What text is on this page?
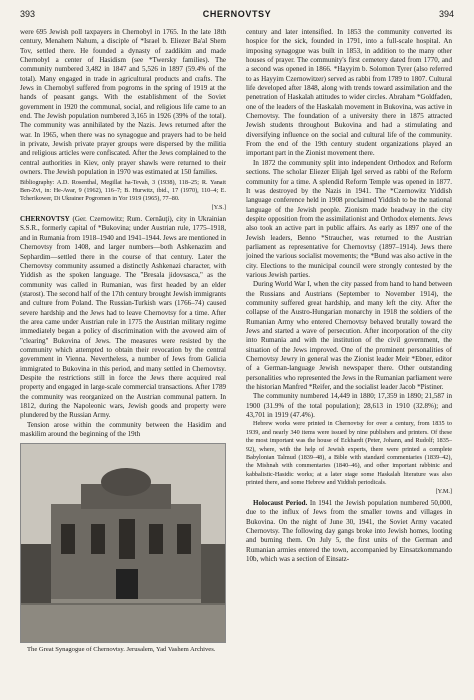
393	CHERNOVTSY	394

were 695 Jewish poll taxpayers in Chernobyl in 1765. In the late 18th century, Menahem Nahum, a disciple of *Israel b. Eliezer Ba'al Shem Tov, settled there. He founded a dynasty of zaddikim and made Chernobyl a center of Hasidism (see *Twersky families). The community numbered 3,482 in 1847 and 5,526 in 1897 (59.4% of the total). Many engaged in trade in agricultural products and crafts. The Jews in Chernobyl suffered from pogroms in the spring of 1919 at the hands of peasant gangs. With the establishment of the Soviet government in 1920 the communal, social, and religious life came to an end. The Jewish population numbered 3,165 in 1926 (39% of the total). The community was annihilated by the Nazis. Jews returned after the war. In 1965, when there was no synagogue and prayers had to be held in private, Jewish private prayer groups were dispersed by the militia and religious articles were confiscated. After the Jews complained to the central authorities in Kiev, only prayer shawls were returned to their owners. The Jewish population in 1970 was estimated at 150 families.

Bibliography: A.D. Rosenthal, Megillat ha-Tevah, 3 (1938), 118–25; R. Yanait Ben-Zvi, in: He-Avar, 9 (1962), 116–7; B. Hurwitz, ibid., 17 (1970), 110–4; E. Tcherikower, Di Ukrainer Pogromen in Yor 1919 (1965), 77–80.

[Y.S.]

CHERNOVTSY (Ger. Czernowitz; Rum. Cernăuţi), city in Ukrainian S.S.R., formerly capital of *Bukovina; under Austrian rule, 1775–1918, and in Rumania from 1918–1940 and 1941–1944. Jews are mentioned in Chernovtsy from 1408, and larger numbers—both Ashkenazim and Sephardim—settled there in the course of that century. Later the Chernovtsy community assumed a distinctly Ashkenazi character, with Yiddish as the spoken language. The "Bresala jidovsasca," as the community was called in Rumanian, was first headed by an elder (starost). The second half of the 17th century brought Jewish immigrants and culture from Poland. The Russian-Turkish wars (1766–74) caused severe hardship and the Jews had to leave Chernovtsy for a time. After the area came under Austrian rule in 1775 the Austrian military regime immediately began a policy of discrimination with the avowed aim of "clearing" Bukovina of Jews. The measures were resisted by the community which attempted to obtain their revocation by the central government in Vienna. Nevertheless, a number of Jews from Galicia immigrated to Bukovina in this period, and many settled in Chernovtsy. Despite the restrictions still in force the Jews there acquired real property and engaged in large-scale commercial transactions. After 1789 the community was reorganized on the Austrian communal pattern. In 1812, during the Napoleonic wars, Jewish goods and property were plundered by the Russian Army.

Tension arose within the community between the Hasidim and maskilim around the beginning of the 19th

The Great Synagogue of Chernovtsy. Jerusalem, Yad Vashem Archives.

century and later intensified. In 1853 the community converted its hospice for the sick, founded in 1791, into a full-scale hospital. An imposing synagogue was built in 1853, in addition to the many other houses of prayer. The community's first cemetery dated from 1770, and a second was opened in 1866. *Hayyim b. Solomon Tyrer (also referred to as Hayyim Czernowitzer) served as rabbi from 1789 to 1807. Cultural life developed after 1848, along with trends toward assimilation and the penetration of Haskalah attitudes to wider circles. Abraham *Goldfaden, one of the leaders of the Haskalah movement in Bukovina, was active in Chernovtsy. The foundation of a university there in 1875 attracted Jewish students throughout Bukovina and had a stimulating and diversifying influence on the social and cultural life of the community. From the end of the 19th century student organizations played an important part in the Zionist movement there.

In 1872 the community split into independent Orthodox and Reform sections. The scholar Eliezer Elijah Igel served as rabbi of the Reform community for a time. A splendid Reform Temple was opened in 1877. It was destroyed by the Nazis in 1941. The *Czernowitz Yiddish language conference held in 1908 proclaimed Yiddish to be the national language of the Jewish people. Zionism made headway in the city despite opposition from the assimilationist and Orthodox elements. Jews also took an active part in public affairs. As early as 1897 one of the Jewish leaders, Benno *Straucher, was returned to the Austrian parliament as representative for Chernovtsy (1897–1914). Jews there joined the various socialist movements; the *Bund was also active in the city. Elections to the municipal council were strongly contested by the various Jewish parties.

During World War I, when the city passed from hand to hand between the Russians and Austrians (September to November 1914), the community suffered great hardship, and many left the city. After the collapse of the Austro-Hungarian monarchy in 1918 the soldiers of the Rumanian Army who entered Chernovtsy behaved brutally toward the Jews and started a wave of persecution. After incorporation of the city into Rumania and with the institution of the civil government, the situation of the Jews improved. One of the prominent personalities of Chernovtsy Jewry in general was the Zionist leader Meir *Ebner, editor of a German-language Jewish newspaper there. Other outstanding personalities who represented the Jews in the Rumanian parliament were the historian Manfred *Reifer, and the socialist leader Jacob *Pistiner.

The community numbered 14,449 in 1880; 17,359 in 1890; 21,587 in 1900 (31.9% of the total population); 28,613 in 1910 (32.8%); and 43,701 in 1919 (47.4%).

Hebrew works were printed in Chernovtsy for over a century, from 1835 to 1939, and nearly 340 items were issued by nine publishers and printers. Of these the most important was the house of Eckhardt (Peter, Johann, and Rudolf; 1835–92), where, with the help of Jewish experts, there were printed a complete Babylonian Talmud (1839–48), a Bible with standard commentaries (1839–42), the Mishnah with commentaries (1840–46), and other important rabbinic and kabbalistic-Hasidic works; at a later stage some Haskalah literature was also printed there, and some Hebrew and Yiddish periodicals.

[Y.M.]

Holocaust Period. In 1941 the Jewish population numbered 50,000, due to the influx of Jews from the smaller towns and villages in Bukovina. On the night of June 30, 1941, the Soviet Army vacated Chernovtsy. The following day gangs broke into Jewish homes, looting and burning them. On July 5, the first units of the German and Rumanian armies entered the town, accompanied by Einsatzkommando 10b, which was a section of Einsatz-
